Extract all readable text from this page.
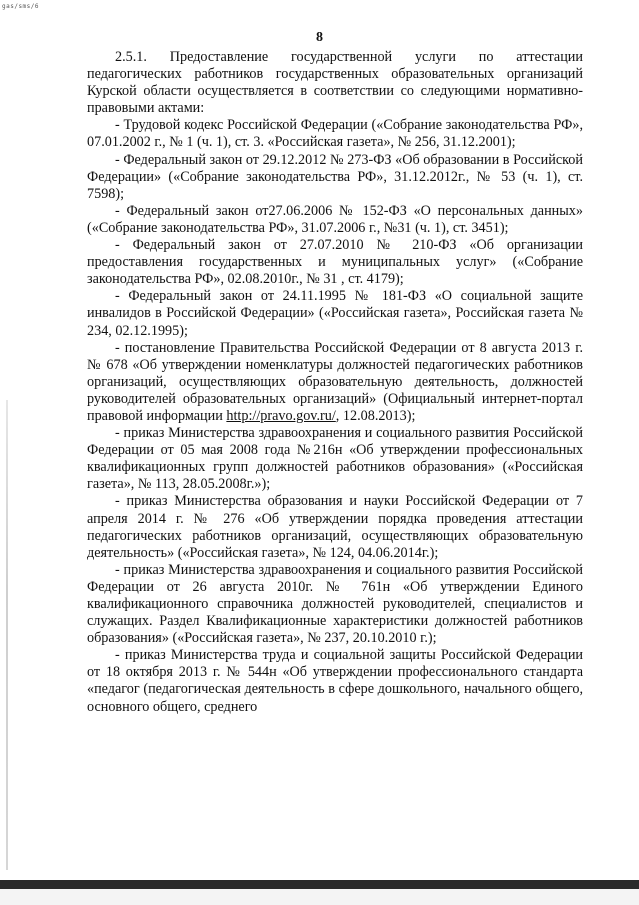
gas/sms/6
8

2.5.1. Предоставление государственной услуги по аттестации педагогических работников государственных образовательных организаций Курской области осуществляется в соответствии со следующими нормативно-правовыми актами:

- Трудовой кодекс Российской Федерации («Собрание законодательства РФ», 07.01.2002 г., № 1 (ч. 1), ст. 3. «Российская газета», № 256, 31.12.2001);

- Федеральный закон от 29.12.2012 № 273-ФЗ «Об образовании в Российской Федерации» («Собрание законодательства РФ», 31.12.2012г., № 53 (ч. 1), ст. 7598);

- Федеральный закон от27.06.2006 № 152-ФЗ «О персональных данных» («Собрание законодательства РФ», 31.07.2006 г., №31 (ч. 1), ст. 3451);

- Федеральный закон от 27.07.2010 № 210-ФЗ «Об организации предоставления государственных и муниципальных услуг» («Собрание законодательства РФ», 02.08.2010г., № 31 , ст. 4179);

- Федеральный закон от 24.11.1995 № 181-ФЗ «О социальной защите инвалидов в Российской Федерации» («Российская газета», Российская газета № 234, 02.12.1995);

- постановление Правительства Российской Федерации от 8 августа 2013 г. № 678 «Об утверждении номенклатуры должностей педагогических работников организаций, осуществляющих образовательную деятельность, должностей руководителей образовательных организаций» (Официальный интернет-портал правовой информации http://pravo.gov.ru/, 12.08.2013);

- приказ Министерства здравоохранения и социального развития Российской Федерации от 05 мая 2008 года №216н «Об утверждении профессиональных квалификационных групп должностей работников образования» («Российская газета», № 113, 28.05.2008г.»);

- приказ Министерства образования и науки Российской Федерации от 7 апреля 2014 г. № 276 «Об утверждении порядка проведения аттестации педагогических работников организаций, осуществляющих образовательную деятельность» («Российская газета», № 124, 04.06.2014г.);

- приказ Министерства здравоохранения и социального развития Российской Федерации от 26 августа 2010г. № 761н «Об утверждении Единого квалификационного справочника должностей руководителей, специалистов и служащих. Раздел Квалификационные характеристики должностей работников образования» («Российская газета», № 237, 20.10.2010 г.);

- приказ Министерства труда и социальной защиты Российской Федерации от 18 октября 2013 г. № 544н «Об утверждении профессионального стандарта «педагог (педагогическая деятельность в сфере дошкольного, начального общего, основного общего, среднего
